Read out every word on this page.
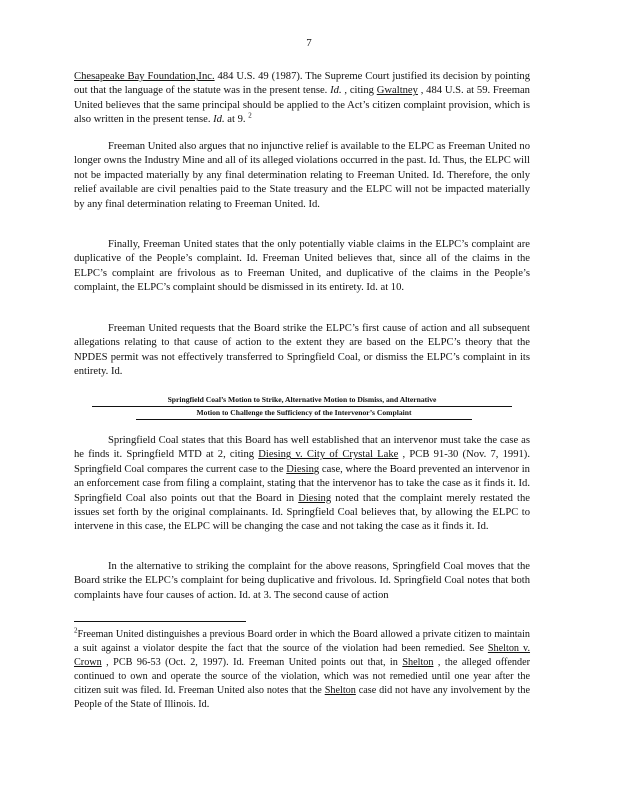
7

Chesapeake Bay Foundation,Inc. 484 U.S. 49 (1987). The Supreme Court justified its decision by pointing out that the language of the statute was in the present tense. Id. , citing Gwaltney , 484 U.S. at 59. Freeman United believes that the same principal should be applied to the Act’s citizen complaint provision, which is also written in the present tense. Id. at 9. $^2$

Freeman United also argues that no injunctive relief is available to the ELPC as Freeman United no longer owns the Industry Mine and all of its alleged violations occurred in the past. Id. Thus, the ELPC will not be impacted materially by any final determination relating to Freeman United. Id. Therefore, the only relief available are civil penalties paid to the State treasury and the ELPC will not be impacted materially by any final determination relating to Freeman United. Id.

Finally, Freeman United states that the only potentially viable claims in the ELPC’s complaint are duplicative of the People’s complaint. Id. Freeman United believes that, since all of the claims in the ELPC’s complaint are frivolous as to Freeman United, and duplicative of the claims in the People’s complaint, the ELPC’s complaint should be dismissed in its entirety. Id. at 10.

Freeman United requests that the Board strike the ELPC’s first cause of action and all subsequent allegations relating to that cause of action to the extent they are based on the ELPC’s theory that the NPDES permit was not effectively transferred to Springfield Coal, or dismiss the ELPC’s complaint in its entirety. Id.

Springfield Coal’s Motion to Strike, Alternative Motion to Dismiss, and Alternative
Motion to Challenge the Sufficiency of the Intervenor’s Complaint

Springfield Coal states that this Board has well established that an intervenor must take the case as he finds it. Springfield MTD at 2, citing Diesing v. City of Crystal Lake , PCB 91-30 (Nov. 7, 1991). Springfield Coal compares the current case to the Diesing case, where the Board prevented an intervenor in an enforcement case from filing a complaint, stating that the intervenor has to take the case as it finds it. Id. Springfield Coal also points out that the Board in Diesing noted that the complaint merely restated the issues set forth by the original complainants. Id. Springfield Coal believes that, by allowing the ELPC to intervene in this case, the ELPC will be changing the case and not taking the case as it finds it. Id.

In the alternative to striking the complaint for the above reasons, Springfield Coal moves that the Board strike the ELPC’s complaint for being duplicative and frivolous. Id. Springfield Coal notes that both complaints have four causes of action. Id. at 3. The second cause of action

$^2$Freeman United distinguishes a previous Board order in which the Board allowed a private citizen to maintain a suit against a violator despite the fact that the source of the violation had been remedied. See Shelton v. Crown , PCB 96-53 (Oct. 2, 1997). Id. Freeman United points out that, in Shelton , the alleged offender continued to own and operate the source of the violation, which was not remedied until one year after the citizen suit was filed. Id. Freeman United also notes that the Shelton case did not have any involvement by the People of the State of Illinois. Id.
